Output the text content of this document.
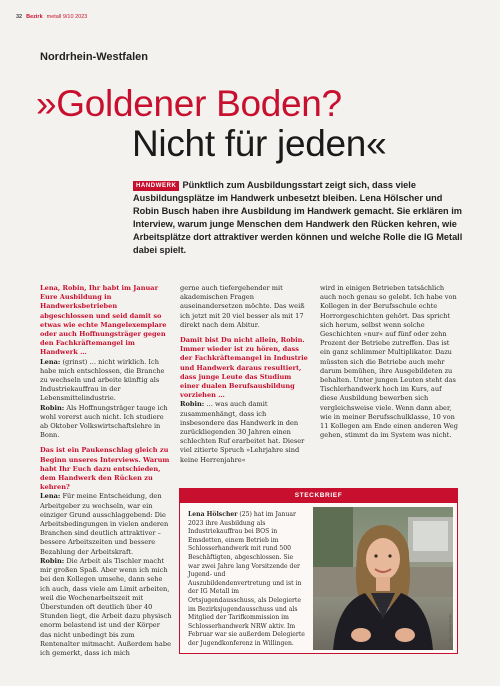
32 Bezirk metall 9/10 2023
Nordrhein-Westfalen
»Goldener Boden?
Nicht für jeden«
HANDWERK Pünktlich zum Ausbildungsstart zeigt sich, dass viele Ausbildungsplätze im Handwerk unbesetzt bleiben. Lena Hölscher und Robin Busch haben ihre Ausbildung im Handwerk gemacht. Sie erklären im Interview, warum junge Menschen dem Handwerk den Rücken kehren, wie Arbeitsplätze dort attraktiver werden können und welche Rolle die IG Metall dabei spielt.

Lena, Robin, Ihr habt im Januar Eure Ausbildung in Handwerksbetrieben abgeschlossen und seid damit so etwas wie echte Mangelexemplare oder auch Hoffnungsträger gegen den Fachkräftemangel im Handwerk …

Lena: (grinst) … nicht wirklich. Ich habe mich entschlossen, die Branche zu wechseln und arbeite künftig als Industriekauffrau in der Lebensmittelindustrie.

Robin: Als Hoffnungsträger tauge ich wohl vorerst auch nicht. Ich studiere ab Oktober Volkswirtschaftslehre in Bonn.

Das ist ein Paukenschlag gleich zu Beginn unseres Interviews. Warum habt Ihr Euch dazu entschieden, dem Handwerk den Rücken zu kehren?

Lena: Für meine Entscheidung, den Arbeitgeber zu wechseln, war ein einziger Grund ausschlaggebend: Die Arbeitsbedingungen in vielen anderen Branchen sind deutlich attraktiver – bessere Arbeitszeiten und bessere Bezahlung der Arbeitskraft.

Robin: Die Arbeit als Tischler macht mir großen Spaß. Aber wenn ich mich bei den Kollegen umsehe, dann sehe ich auch, dass viele am Limit arbeiten, weil die Wochenarbeitszeit mit Überstunden oft deutlich über 40 Stunden liegt, die Arbeit dazu physisch enorm belastend ist und der Körper das nicht unbedingt bis zum Rentenalter mitmacht. Außerdem habe ich gemerkt, dass ich mich

gerne auch tiefergehender mit akademischen Fragen auseinandersetzen möchte. Das weiß ich jetzt mit 20 viel besser als mit 17 direkt nach dem Abitur.

Damit bist Du nicht allein, Robin. Immer wieder ist zu hören, dass der Fachkräftemangel in Industrie und Handwerk daraus resultiert, dass junge Leute das Studium einer dualen Berufsausbildung vorziehen …

Robin: … was auch damit zusammenhängt, dass ich insbesondere das Handwerk in den zurückliegenden 30 Jahren einen schlechten Ruf erarbeitet hat. Dieser viel zitierte Spruch »Lehrjahre sind keine Herrenjahre«

wird in einigen Betrieben tatsächlich auch noch genau so gelebt. Ich habe von Kollegen in der Berufsschule echte Horrorgeschichten gehört. Das spricht sich herum, selbst wenn solche Geschichten »nur« auf fünf oder zehn Prozent der Betriebe zutreffen. Das ist ein ganz schlimmer Multiplikator. Dazu müssten sich die Betriebe auch mehr darum bemühen, ihre Ausgebildeten zu behalten. Unter jungen Leuten steht das Tischlerhandwerk hoch im Kurs, auf diese Ausbildung bewerben sich vergleichsweise viele. Wenn dann aber, wie in meiner Berufsschulklasse, 10 von 11 Kollegen am Ende einen anderen Weg gehen, stimmt da im System was nicht.

STECKBRIEF
Lena Hölscher (25) hat im Januar 2023 ihre Ausbildung als Industriekauffrau bei BOS in Emsdetten, einem Betrieb im Schlosserhandwerk mit rund 500 Beschäftigten, abgeschlossen. Sie war zwei Jahre lang Vorsitzende der Jugend- und Auszubildendenvertretung und ist in der IG Metall im Ortsjugendausschuss, als Delegierte im Bezirksjugendausschuss und als Mitglied der Tarifkommission im Schlosserhandwerk NRW aktiv. Im Februar war sie außerdem Delegierte der Jugendkonferenz in Willingen.
Foto: Thomas Range
